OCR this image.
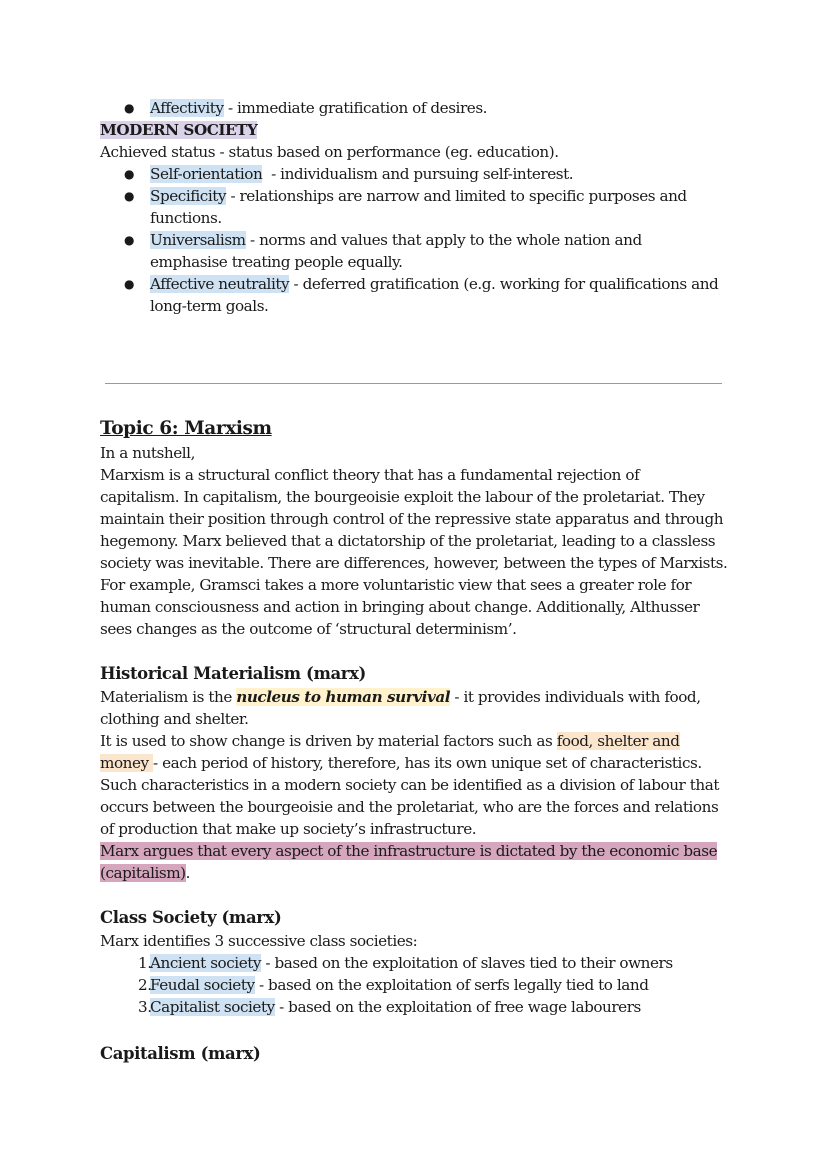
● Affectivity - immediate gratification of desires.
MODERN SOCIETY
Achieved status - status based on performance (eg. education).
● Self-orientation  - individualism and pursuing self-interest.
● Specificity - relationships are narrow and limited to specific purposes and
functions.
● Universalism - norms and values that apply to the whole nation and
emphasise treating people equally.
● Affective neutrality - deferred gratification (e.g. working for qualifications and
long-term goals.
Topic 6: Marxism
In a nutshell,
Marxism is a structural conflict theory that has a fundamental rejection of
capitalism. In capitalism, the bourgeoisie exploit the labour of the proletariat. They
maintain their position through control of the repressive state apparatus and through
hegemony. Marx believed that a dictatorship of the proletariat, leading to a classless
society was inevitable. There are differences, however, between the types of Marxists.
For example, Gramsci takes a more voluntaristic view that sees a greater role for
human consciousness and action in bringing about change. Additionally, Althusser
sees changes as the outcome of ‘structural determinism’.
Historical Materialism (marx)
Materialism is the nucleus to human survival - it provides individuals with food,
clothing and shelter.
It is used to show change is driven by material factors such as food, shelter and
money - each period of history, therefore, has its own unique set of characteristics.
Such characteristics in a modern society can be identified as a division of labour that
occurs between the bourgeoisie and the proletariat, who are the forces and relations
of production that make up society’s infrastructure.
Marx argues that every aspect of the infrastructure is dictated by the economic base
(capitalism).
Class Society (marx)
Marx identifies 3 successive class societies:
1.
Ancient society - based on the exploitation of slaves tied to their owners
2.
Feudal society - based on the exploitation of serfs legally tied to land
3.
Capitalist society - based on the exploitation of free wage labourers
Capitalism (marx)
